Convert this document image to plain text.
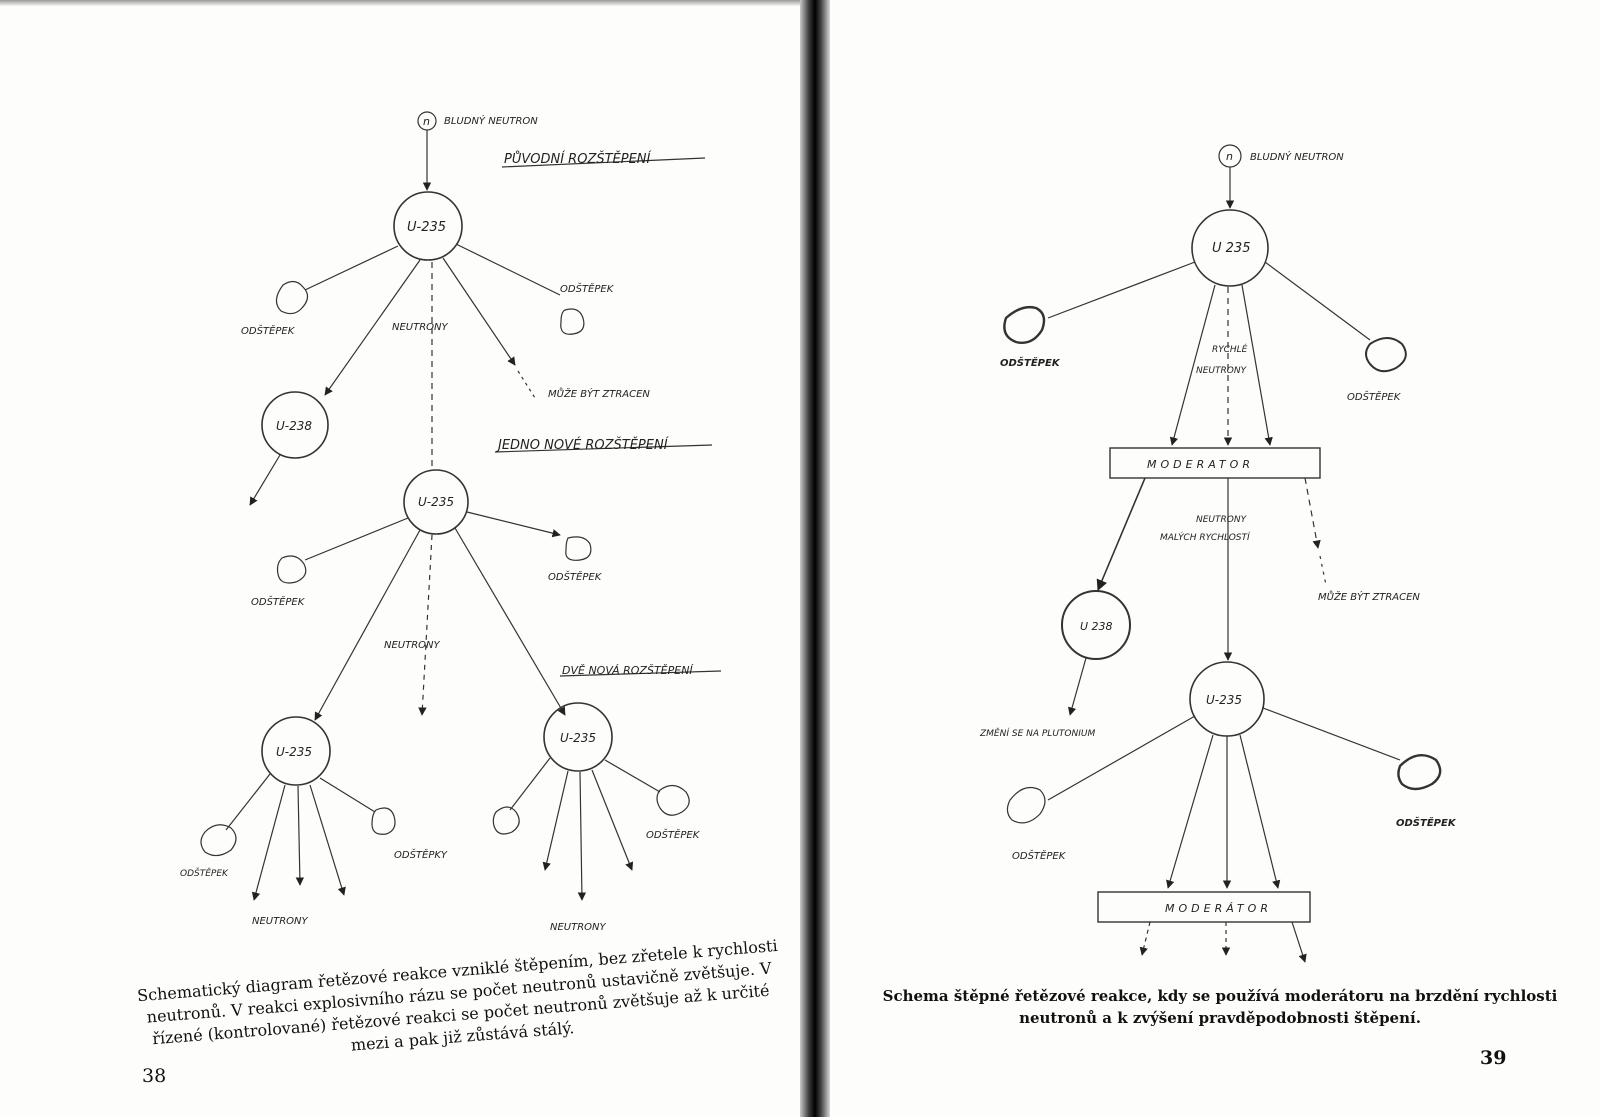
n BLUDNÝ NEUTRON
PŮVODNÍ ROZŠTĚPENÍ
U-235
ODŠTĚPEK
ODŠTĚPEK
NEUTRONY
MŮŽE BÝT ZTRACEN
U-238
JEDNO NOVÉ ROZŠTĚPENÍ
U-235
ODŠTĚPEK
ODŠTĚPEK
NEUTRONY
DVĚ NOVÁ ROZŠTĚPENÍ
U-235
U-235
ODŠTĚPEK
ODŠTĚPKY
ODŠTĚPEK
NEUTRONY
NEUTRONY
Schematický diagram řetězové reakce vzniklé štěpením, bez zřetele k rychlosti neutronů. V reakci explosivního rázu se počet neutronů ustavičně zvětšuje. V řízené (kontrolované) řetězové reakci se počet neutronů zvětšuje až k určité mezi a pak již zůstává stálý.
38
n BLUDNÝ NEUTRON
U 235
ODŠTĚPEK
ODŠTĚPEK
RYCHLÉ
NEUTRONY
MODERATOR
NEUTRONY
MALÝCH RYCHLOSTÍ
MŮŽE BÝT ZTRACEN
U 238
ZMĚNÍ SE NA PLUTONIUM
U-235
ODŠTĚPEK
ODŠTĚPEK
MODERÁTOR
Schema štěpné řetězové reakce, kdy se používá moderátoru na brzdění rychlosti neutronů a k zvýšení pravděpodobnosti štěpení.
39
